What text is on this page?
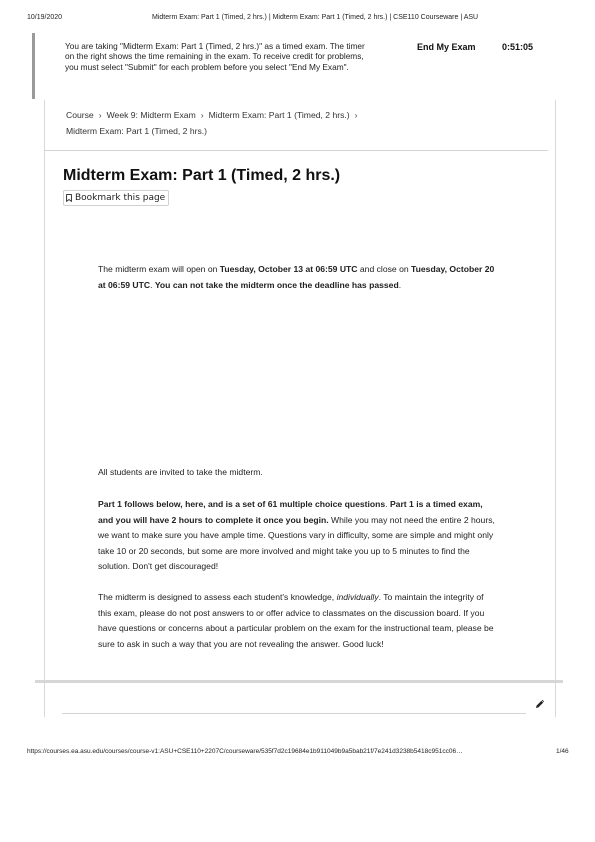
10/19/2020	Midterm Exam: Part 1 (Timed, 2 hrs.) | Midterm Exam: Part 1 (Timed, 2 hrs.) | CSE110 Courseware | ASU
You are taking "Midterm Exam: Part 1 (Timed, 2 hrs.)" as a timed exam. The timer on the right shows the time remaining in the exam. To receive credit for problems, you must select "Submit" for each problem before you select "End My Exam".
End My Exam	0:51:05
Course › Week 9: Midterm Exam › Midterm Exam: Part 1 (Timed, 2 hrs.) ›
Midterm Exam: Part 1 (Timed, 2 hrs.)
Midterm Exam: Part 1 (Timed, 2 hrs.)
Bookmark this page
The midterm exam will open on Tuesday, October 13 at 06:59 UTC and close on Tuesday, October 20 at 06:59 UTC. You can not take the midterm once the deadline has passed.
All students are invited to take the midterm.
Part 1 follows below, here, and is a set of 61 multiple choice questions. Part 1 is a timed exam, and you will have 2 hours to complete it once you begin. While you may not need the entire 2 hours, we want to make sure you have ample time. Questions vary in difficulty, some are simple and might only take 10 or 20 seconds, but some are more involved and might take you up to 5 minutes to find the solution. Don't get discouraged!
The midterm is designed to assess each student's knowledge, individually. To maintain the integrity of this exam, please do not post answers to or offer advice to classmates on the discussion board. If you have questions or concerns about a particular problem on the exam for the instructional team, please be sure to ask in such a way that you are not revealing the answer. Good luck!
https://courses.ea.asu.edu/courses/course-v1:ASU+CSE110+2207C/courseware/535f7d2c19684e1b911049b9a5bab21f/7e241d3238b5418c951cc06…	1/46
